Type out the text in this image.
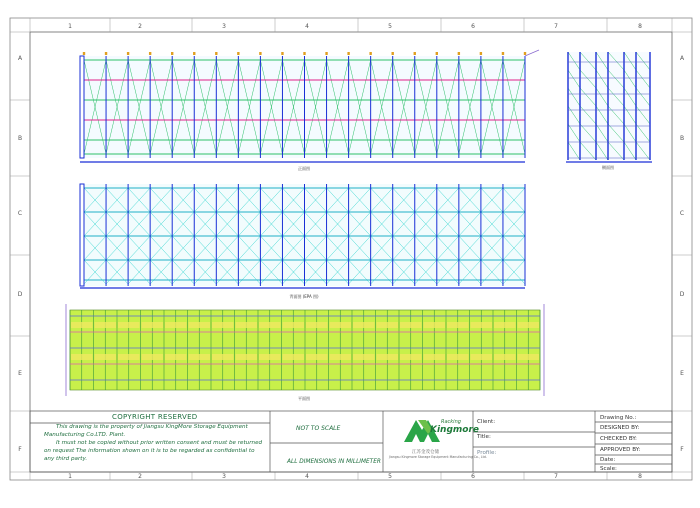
1	2	3	4	5	6	7	8
1	2	3	4	5	6	7	8
A
B
C
D
E
F
A
B
C
D
E
F
正面图	侧面图
背面图 (EPA 图)
平面图
COPYRIGHT RESERVED
This drawing is the property of Jiangsu KingMore Storage Equipment
Manufacturing Co.LTD. Plant.
It must not be copied without prior written consent and must be returned
on request The information shown on it is to be regarded as confidential to
any third party.
NOT TO SCALE
ALL DIMENSIONS IN MILLIMETER
Racking
Kingmore
江苏金茂仓储
Jiangsu Kingmore Storage Equipment Manufacturing Co., Ltd.
Client:
Title:
Profile:
Drawing No.:
DESIGNED BY:
CHECKED BY:
APPROVED BY:
Date:
Scale:
